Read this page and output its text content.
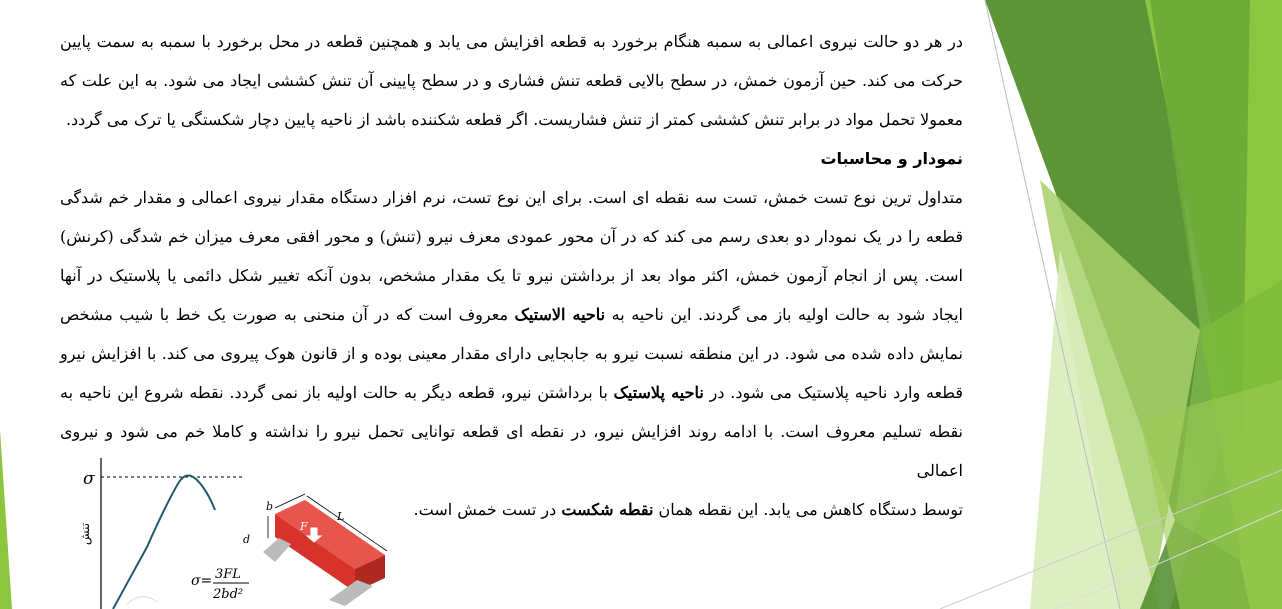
در هر دو حالت نیروی اعمالی به سمبه هنگام برخورد به قطعه افزایش می یابد و همچنین قطعه در محل برخورد با سمبه به سمت پایین حرکت می کند. حین آزمون خمش، در سطح بالایی قطعه تنش فشاری و در سطح پایینی آن تنش کششی ایجاد می شود. به این علت که معمولا تحمل مواد در برابر تنش کششی کمتر از تنش فشاریست. اگر قطعه شکننده باشد از ناحیه پایین دچار شکستگی یا ترک می گردد.

نمودار و محاسبات

متداول ترین نوع تست خمش، تست سه نقطه ای است. برای این نوع تست، نرم افزار دستگاه مقدار نیروی اعمالی و مقدار خم شدگی قطعه را در یک نمودار دو بعدی رسم می کند که در آن محور عمودی معرف نیرو (تنش) و محور افقی معرف میزان خم شدگی (کرنش) است. پس از انجام آزمون خمش، اکثر مواد بعد از برداشتن نیرو تا یک مقدار مشخص، بدون آنکه تغییر شکل دائمی یا پلاستیک در آنها ایجاد شود به حالت اولیه باز می گردند. این ناحیه به ناحیه الاستیک معروف است که در آن منحنی به صورت یک خط با شیب مشخص نمایش داده شده می شود. در این منطقه نسبت نیرو به جابجایی دارای مقدار معینی بوده و از قانون هوک پیروی می کند. با افزایش نیرو قطعه وارد ناحیه پلاستیک می شود. در ناحیه پلاستیک با برداشتن نیرو، قطعه دیگر به حالت اولیه باز نمی گردد. نقطه شروع این ناحیه به نقطه تسلیم معروف است. با ادامه روند افزایش نیرو، در نقطه ای قطعه توانایی تحمل نیرو را نداشته و کاملا خم می شود و نیروی اعمالی

توسط دستگاه کاهش می یابد. این نقطه همان نقطه شکست در تست خمش است.

σ
تنش	F
b
L
d
σ= 3FL
2bd²
